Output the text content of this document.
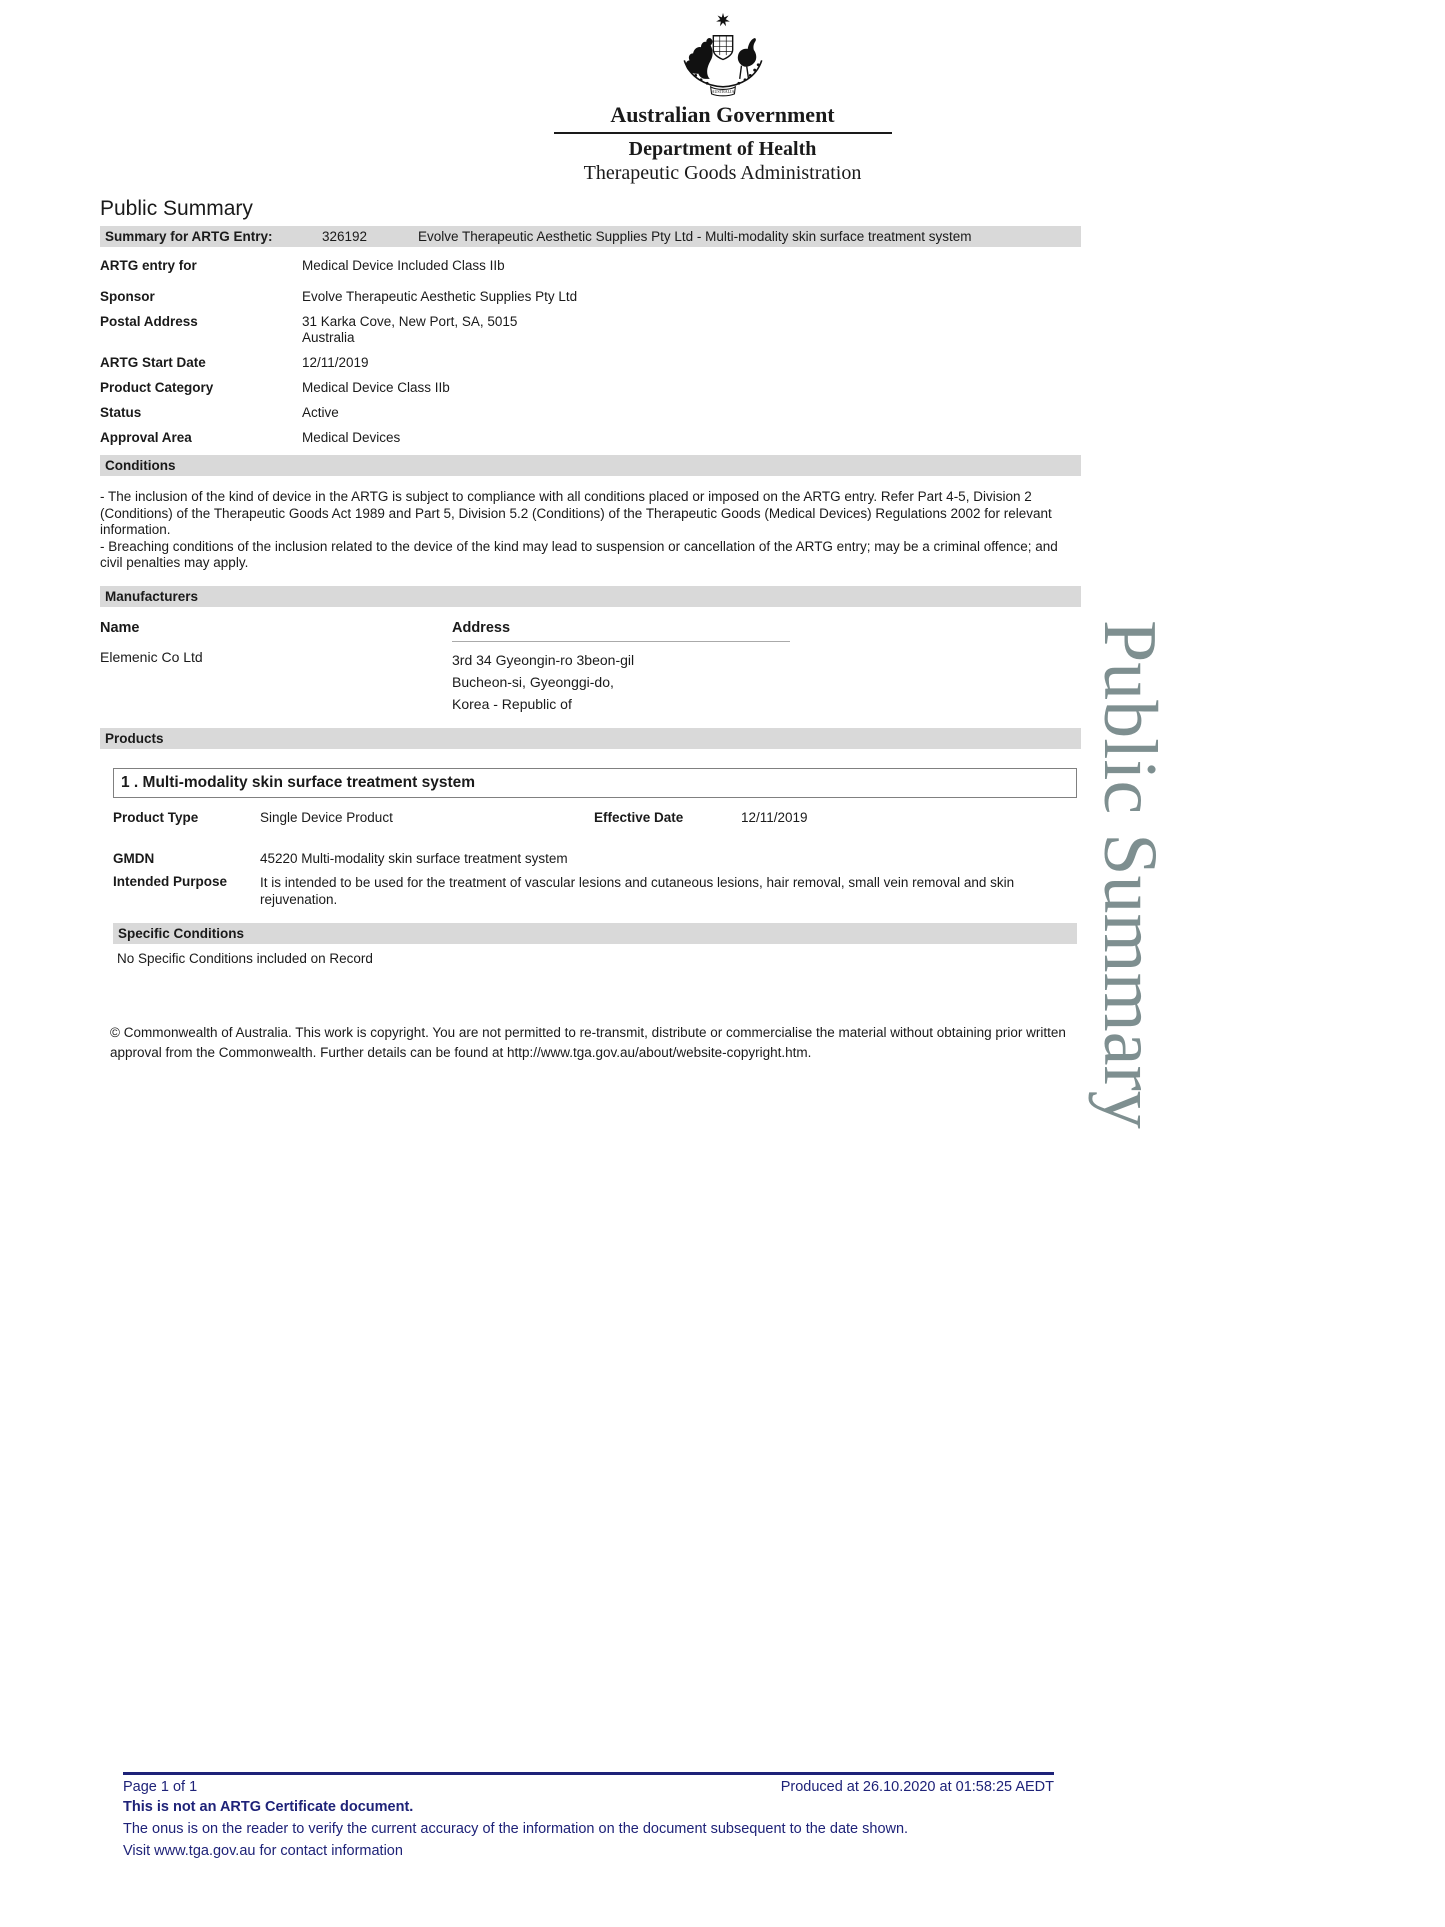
AUSTRALIA
Australian Government
Department of Health
Therapeutic Goods Administration
Public Summary
Summary for ARTG Entry:	326192	Evolve Therapeutic Aesthetic Supplies Pty Ltd - Multi-modality skin surface treatment system
ARTG entry for	Medical Device Included Class IIb
Sponsor	Evolve Therapeutic Aesthetic Supplies Pty Ltd
Postal Address	31 Karka Cove, New Port, SA, 5015
Australia
ARTG Start Date	12/11/2019
Product Category	Medical Device Class IIb
Status	Active
Approval Area	Medical Devices
Conditions
- The inclusion of the kind of device in the ARTG is subject to compliance with all conditions placed or imposed on the ARTG entry. Refer Part 4-5, Division 2 (Conditions) of the Therapeutic Goods Act 1989 and Part 5, Division 5.2 (Conditions) of the Therapeutic Goods (Medical Devices) Regulations 2002 for relevant information.
- Breaching conditions of the inclusion related to the device of the kind may lead to suspension or cancellation of the ARTG entry; may be a criminal offence; and civil penalties may apply.
Manufacturers
Name	Address
Elemenic Co Ltd	3rd 34 Gyeongin-ro 3beon-gil
Bucheon-si, Gyeonggi-do,
Korea - Republic of
Products
1 . Multi-modality skin surface treatment system
Product Type	Single Device Product	Effective Date	12/11/2019
GMDN	45220 Multi-modality skin surface treatment system
Intended Purpose	It is intended to be used for the treatment of vascular lesions and cutaneous lesions, hair removal, small vein removal and skin rejuvenation.
Specific Conditions
No Specific Conditions included on Record
© Commonwealth of Australia. This work is copyright. You are not permitted to re-transmit, distribute or commercialise the material without obtaining prior written approval from the Commonwealth. Further details can be found at http://www.tga.gov.au/about/website-copyright.htm.	Public Summary
Page 1 of 1	Produced at 26.10.2020 at 01:58:25 AEDT
This is not an ARTG Certificate document.
The onus is on the reader to verify the current accuracy of the information on the document subsequent to the date shown.
Visit www.tga.gov.au for contact information
